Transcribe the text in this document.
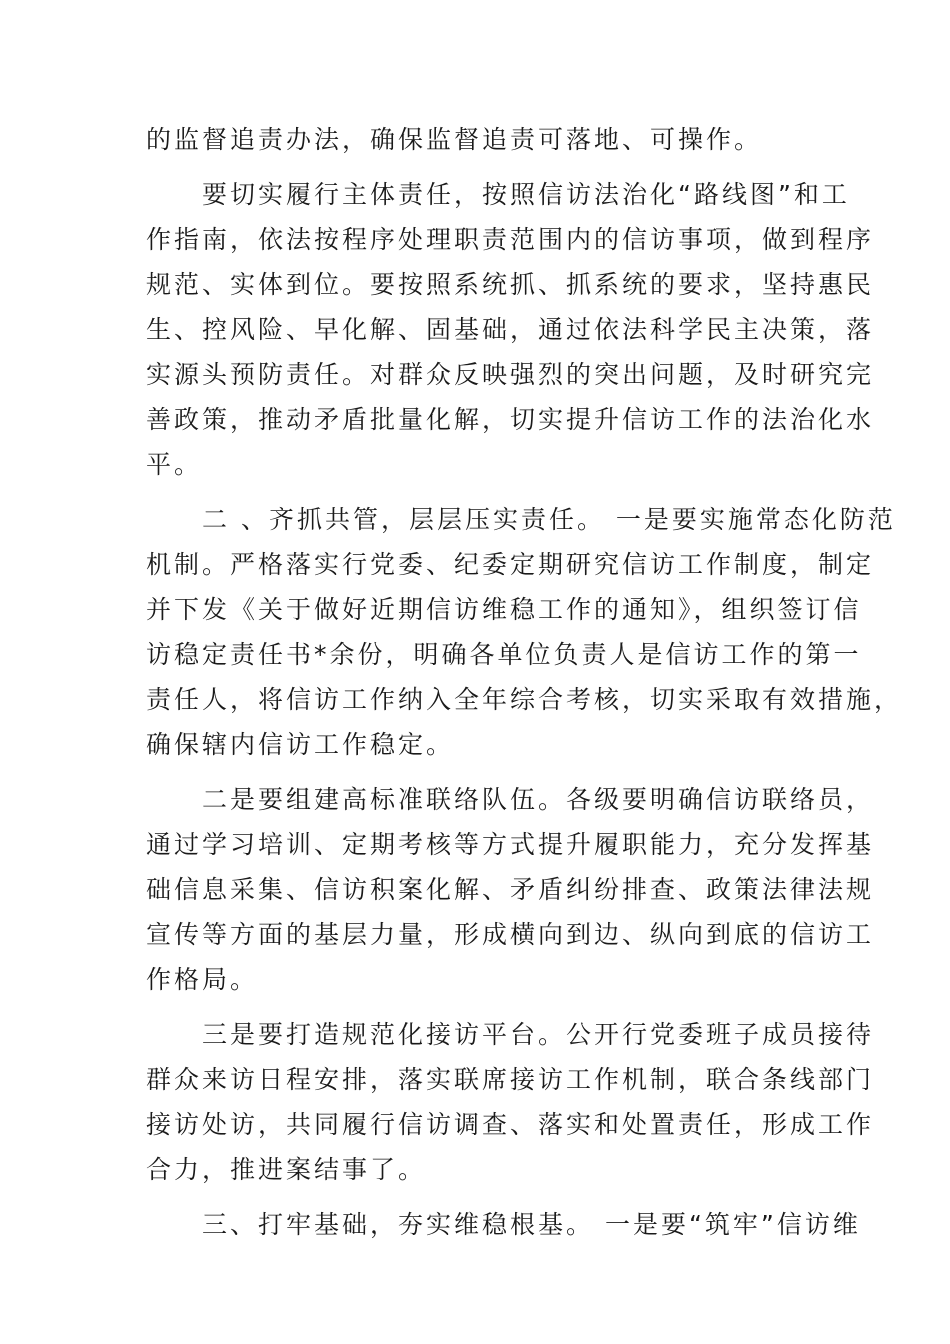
的监督追责办法，确保监督追责可落地、可操作。
要切实履行主体责任，按照信访法治化“路线图”和工
作指南，依法按程序处理职责范围内的信访事项，做到程序
规范、实体到位。要按照系统抓、抓系统的要求，坚持惠民
生、控风险、早化解、固基础，通过依法科学民主决策，落
实源头预防责任。对群众反映强烈的突出问题，及时研究完
善政策，推动矛盾批量化解，切实提升信访工作的法治化水
平。
二 、齐抓共管，层层压实责任。 一是要实施常态化防范
机制。严格落实行党委、纪委定期研究信访工作制度，制定
并下发《关于做好近期信访维稳工作的通知》，组织签订信
访稳定责任书*余份，明确各单位负责人是信访工作的第一
责任人，将信访工作纳入全年综合考核，切实采取有效措施，
确保辖内信访工作稳定。
二是要组建高标准联络队伍。各级要明确信访联络员，
通过学习培训、定期考核等方式提升履职能力，充分发挥基
础信息采集、信访积案化解、矛盾纠纷排查、政策法律法规
宣传等方面的基层力量，形成横向到边、纵向到底的信访工
作格局。
三是要打造规范化接访平台。公开行党委班子成员接待
群众来访日程安排，落实联席接访工作机制，联合条线部门
接访处访，共同履行信访调查、落实和处置责任，形成工作
合力，推进案结事了。
三、打牢基础，夯实维稳根基。 一是要“筑牢”信访维
